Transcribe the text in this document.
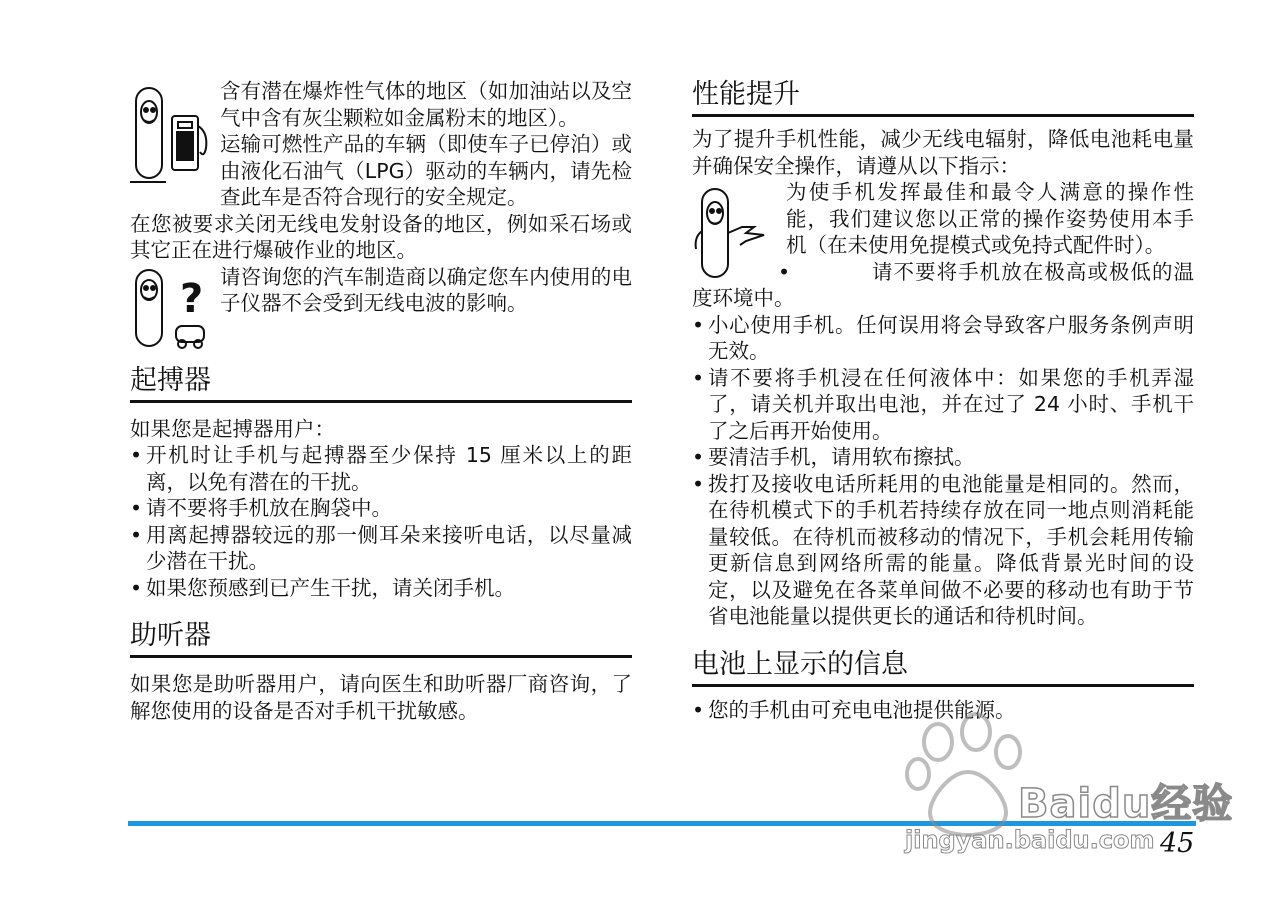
含有潜在爆炸性气体的地区（如加油站以及空气中含有灰尘颗粒如金属粉末的地区）。

运输可燃性产品的车辆（即使车子已停泊）或由液化石油气（LPG）驱动的车辆内，请先检查此车是否符合现行的安全规定。

在您被要求关闭无线电发射设备的地区，例如采石场或其它正在进行爆破作业的地区。

? 请咨询您的汽车制造商以确定您车内使用的电子仪器不会受到无线电波的影响。

起搏器

如果您是起搏器用户：

• 开机时让手机与起搏器至少保持 15 厘米以上的距离，以免有潜在的干扰。
• 请不要将手机放在胸袋中。
• 用离起搏器较远的那一侧耳朵来接听电话，以尽量减少潜在干扰。
• 如果您预感到已产生干扰，请关闭手机。
助听器

如果您是助听器用户，请向医生和助听器厂商咨询，了解您使用的设备是否对手机干扰敏感。

性能提升

为了提升手机性能，减少无线电辐射，降低电池耗电量并确保安全操作，请遵从以下指示：

为使手机发挥最佳和最令人满意的操作性能，我们建议您以正常的操作姿势使用本手机（在未使用免提模式或免持式配件时）。

• 请不要将手机放在极高或极低的温度环境中。
• 小心使用手机。任何误用将会导致客户服务条例声明无效。
• 请不要将手机浸在任何液体中：如果您的手机弄湿了，请关机并取出电池，并在过了 24 小时、手机干了之后再开始使用。
• 要清洁手机，请用软布擦拭。
• 拨打及接收电话所耗用的电池能量是相同的。然而，在待机模式下的手机若持续存放在同一地点则消耗能量较低。在待机而被移动的情况下，手机会耗用传输更新信息到网络所需的能量。降低背景光时间的设定，以及避免在各菜单间做不必要的移动也有助于节省电池能量以提供更长的通话和待机时间。
电池上显示的信息
• 您的手机由可充电电池提供能源。
Baidu经验
jingyan.baidu.com 45
